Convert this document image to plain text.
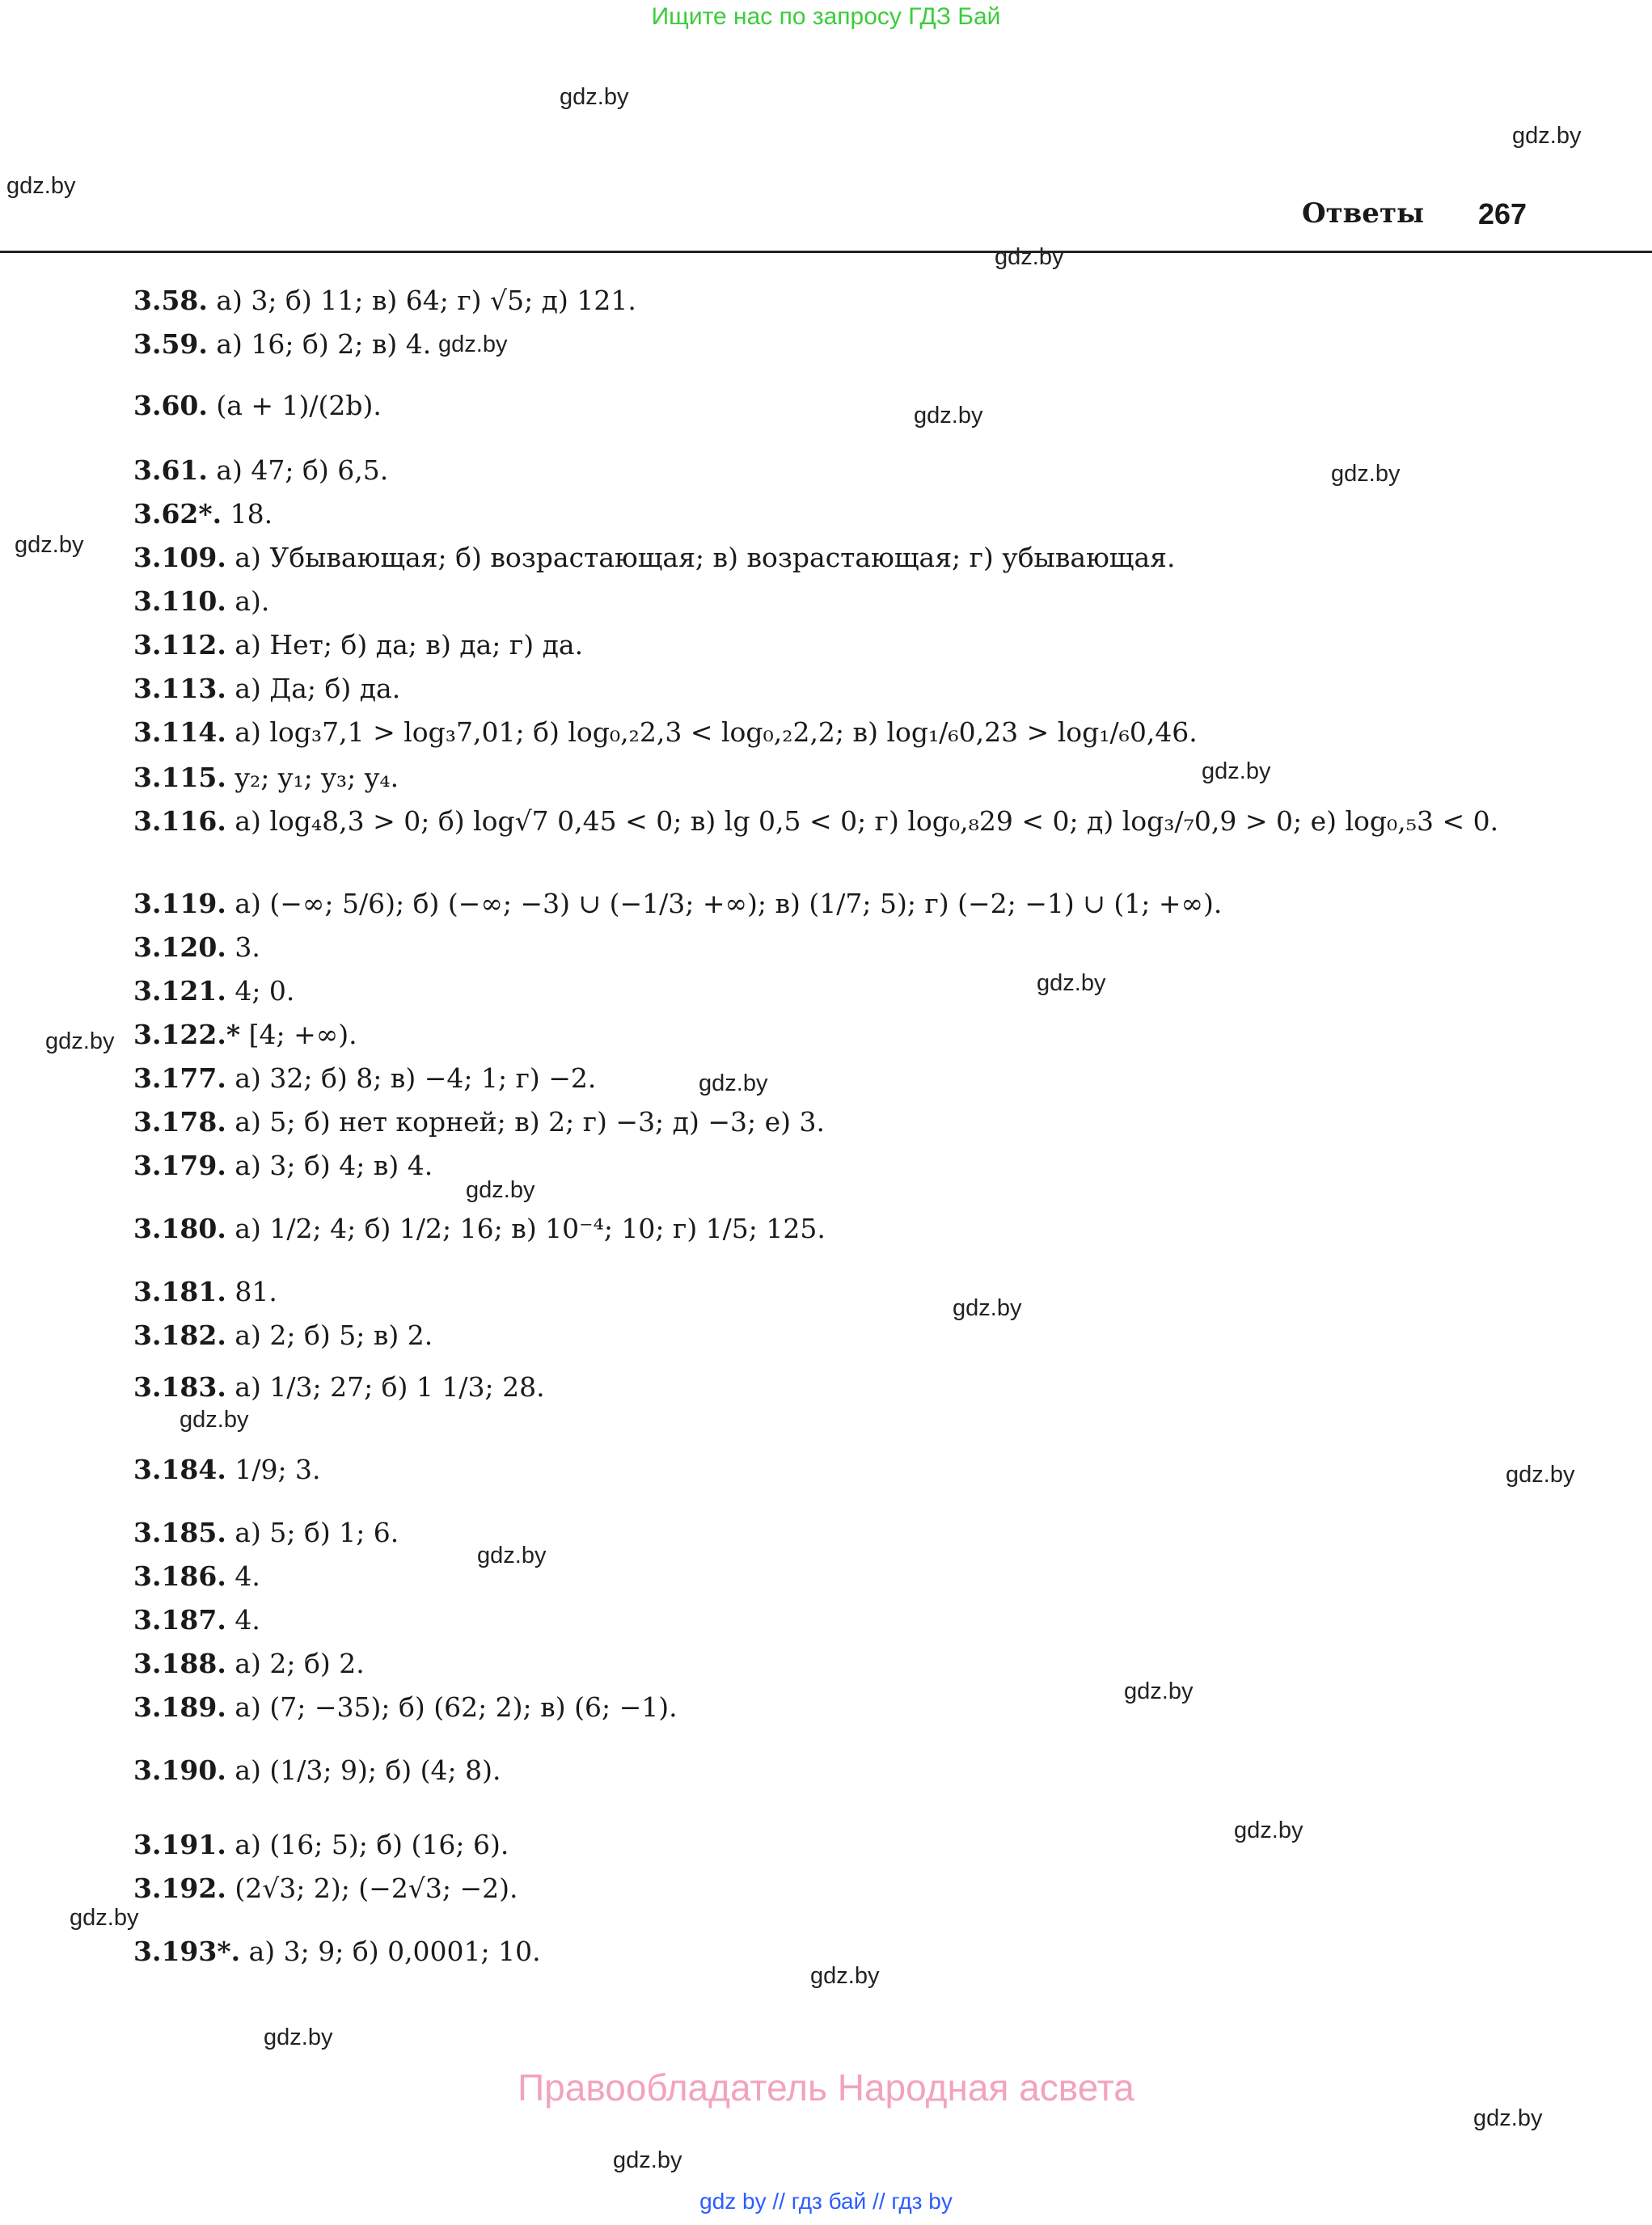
Ищите нас по запросу ГДЗ Бай
Ответы 267
3.58. а) 3; б) 11; в) 64; г) √5; д) 121.
3.59. а) 16; б) 2; в) 4.
3.60. (a + 1)/(2b).
3.61. а) 47; б) 6,5.
3.62*. 18.
3.109. а) Убывающая; б) возрастающая; в) возрастающая; г) убывающая.
3.110. а).
3.112. а) Нет; б) да; в) да; г) да.
3.113. а) Да; б) да.
3.114. а) log₃7,1 > log₃7,01; б) log₀,₂2,3 < log₀,₂2,2; в) log₁/₆0,23 > log₁/₆0,46.
3.115. y₂; y₁; y₃; y₄.
3.116. а) log₄8,3 > 0; б) log√7 0,45 < 0; в) lg 0,5 < 0; г) log₀,₈29 < 0; д) log₃/₇0,9 > 0; е) log₀,₅3 < 0.
3.119. а) (−∞; 5/6); б) (−∞; −3) ∪ (−1/3; +∞); в) (1/7; 5); г) (−2; −1) ∪ (1; +∞).
3.120. 3.
3.121. 4; 0.
3.122.* [4; +∞).
3.177. а) 32; б) 8; в) −4; 1; г) −2.
3.178. а) 5; б) нет корней; в) 2; г) −3; д) −3; е) 3.
3.179. а) 3; б) 4; в) 4.
3.180. а) 1/2; 4; б) 1/2; 16; в) 10⁻⁴; 10; г) 1/5; 125.
3.181. 81.
3.182. а) 2; б) 5; в) 2.
3.183. а) 1/3; 27; б) 1 1/3; 28.
3.184. 1/9; 3.
3.185. а) 5; б) 1; 6.
3.186. 4.
3.187. 4.
3.188. а) 2; б) 2.
3.189. а) (7; −35); б) (62; 2); в) (6; −1).
3.190. а) (1/3; 9); б) (4; 8).
3.191. а) (16; 5); б) (16; 6).
3.192. (2√3; 2); (−2√3; −2).
3.193*. а) 3; 9; б) 0,0001; 10.
gdz.by
gdz.by
gdz.by
gdz.by
gdz.by
gdz.by
gdz.by
gdz.by
gdz.by
gdz.by
gdz.by
gdz.by
gdz.by
gdz.by
gdz.by
gdz.by
gdz.by
gdz.by
gdz.by
gdz.by
gdz.by
gdz.by
gdz.by
gdz.by
Правообладатель Народная асвета
gdz by // гдз бай // гдз by
